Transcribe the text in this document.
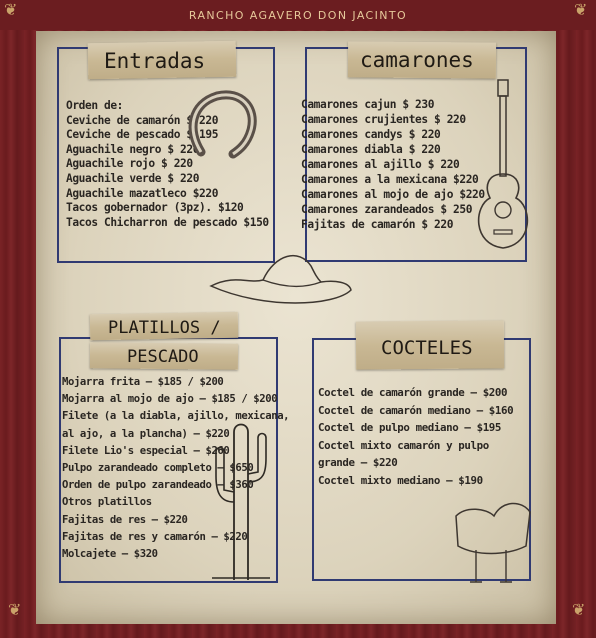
RANCHO AGAVERO DON JACINTO
❦	❦
❦	❦
Entradas
Orden de:
Ceviche de camarón $ 220
Ceviche de pescado $ 195
Aguachile negro $ 220
Aguachile rojo $ 220
Aguachile verde $ 220
Aguachile mazatleco $220
Tacos gobernador (3pz). $120
Tacos Chicharron de pescado $150
camarones
Camarones cajun $ 230
Camarones crujientes $ 220
Camarones candys $ 220
Camarones diabla $ 220
Camarones al ajillo $ 220
Camarones a la mexicana $220
Camarones al mojo de ajo $220
Camarones zarandeados $ 250
Fajitas de camarón $ 220
PLATILLOS /
PESCADO
Mojarra frita — $185 / $200
Mojarra al mojo de ajo — $185 / $200
Filete (a la diabla, ajillo, mexicana,
al ajo, a la plancha) — $220
Filete Lio's especial — $260
Pulpo zarandeado completo — $650
Orden de pulpo zarandeado — $360
Otros platillos
Fajitas de res — $220
Fajitas de res y camarón — $220
Molcajete — $320
COCTELES
Coctel de camarón grande — $200
Coctel de camarón mediano — $160
Coctel de pulpo mediano — $195
Coctel mixto camarón y pulpo
grande — $220
Coctel mixto mediano — $190
